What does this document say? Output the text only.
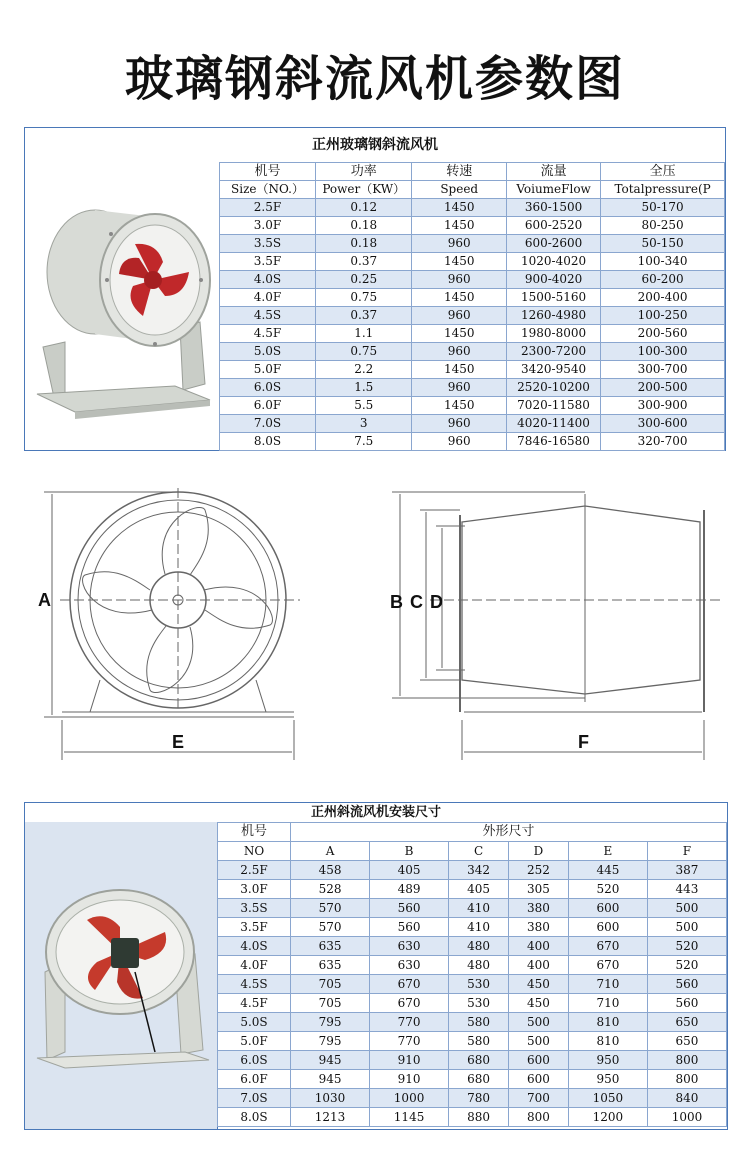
玻璃钢斜流风机参数图
正州玻璃钢斜流风机
机号	功率	转速	流量	全压
Size（NO.）	Power（KW）	Speed	VoiumeFlow	Totalpressure(P
2.5F	0.12	1450	360-1500	50-170
3.0F	0.18	1450	600-2520	80-250
3.5S	0.18	960	600-2600	50-150
3.5F	0.37	1450	1020-4020	100-340
4.0S	0.25	960	900-4020	60-200
4.0F	0.75	1450	1500-5160	200-400
4.5S	0.37	960	1260-4980	100-250
4.5F	1.1	1450	1980-8000	200-560
5.0S	0.75	960	2300-7200	100-300
5.0F	2.2	1450	3420-9540	300-700
6.0S	1.5	960	2520-10200	200-500
6.0F	5.5	1450	7020-11580	300-900
7.0S	3	960	4020-11400	300-600
8.0S	7.5	960	7846-16580	320-700
A
E
B C D
F
正州斜流风机安装尺寸
机号	外形尺寸					
NO	A	B	C	D	E	F
2.5F	458	405	342	252	445	387
3.0F	528	489	405	305	520	443
3.5S	570	560	410	380	600	500
3.5F	570	560	410	380	600	500
4.0S	635	630	480	400	670	520
4.0F	635	630	480	400	670	520
4.5S	705	670	530	450	710	560
4.5F	705	670	530	450	710	560
5.0S	795	770	580	500	810	650
5.0F	795	770	580	500	810	650
6.0S	945	910	680	600	950	800
6.0F	945	910	680	600	950	800
7.0S	1030	1000	780	700	1050	840
8.0S	1213	1145	880	800	1200	1000
